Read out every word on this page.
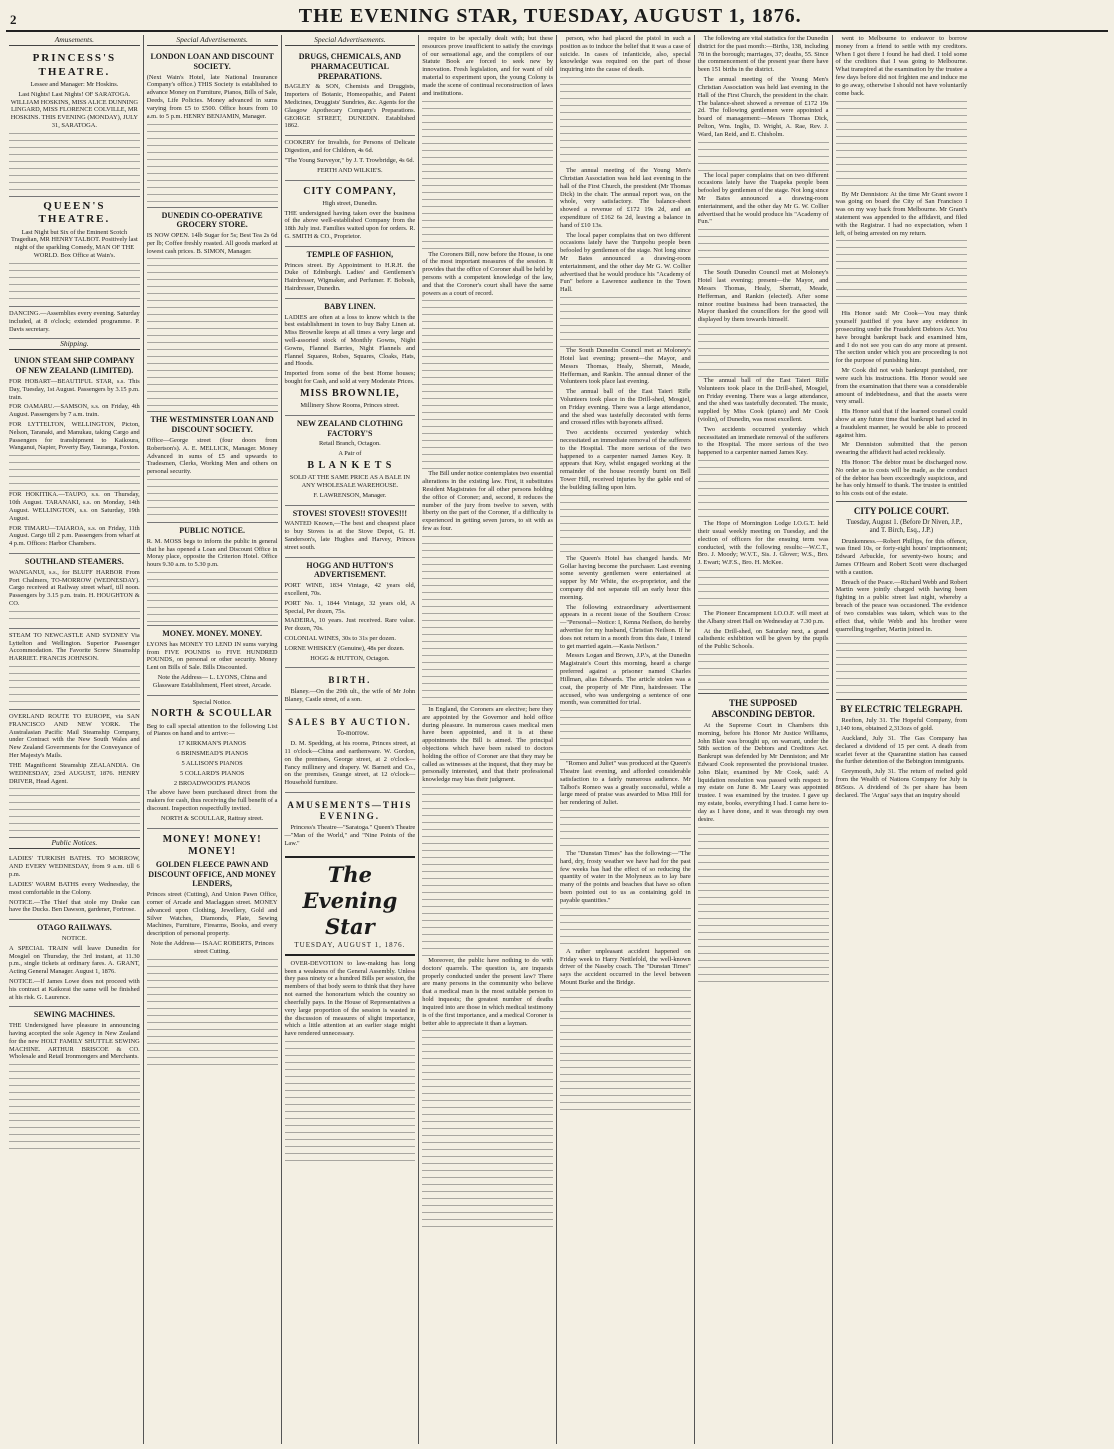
2	THE EVENING STAR, TUESDAY, AUGUST 1, 1876.
Amusements.
PRINCESS'S THEATRE.

Lessee and Manager: Mr Hoskins.

Last Nights! Last Nights! OF SARATOGA. WILLIAM HOSKINS, MISS ALICE DUNNING LINGARD, MISS FLORENCE COLVILLE, MR HOSKINS. THIS EVENING (MONDAY), JULY 31, SARATOGA.

QUEEN'S THEATRE.

Last Night but Six of the Eminent Scotch Tragedian, MR HENRY TALBOT. Positively last night of the sparkling Comedy, MAN OF THE WORLD. Box Office at Wain's.

DANCING.—Assemblies every evening. Saturday included, at 8 o'clock; extended programme. P. Davis secretary.

Shipping.
UNION STEAM SHIP COMPANY OF NEW ZEALAND (LIMITED).

FOR HOBART—BEAUTIFUL STAR, s.s. This Day, Tuesday, 1st August. Passengers by 3.15 p.m. train.

FOR OAMARU.—SAMSON, s.s. on Friday, 4th August. Passengers by 7 a.m. train.

FOR LYTTELTON, WELLINGTON, Picton, Nelson, Taranaki, and Manukau, taking Cargo and Passengers for transhipment to Kaikoura, Wanganui, Napier, Poverty Bay, Tauranga, Foxton.

FOR HOKITIKA.—TAUPO, s.s. on Thursday, 10th August. TARANAKI, s.s. on Monday, 14th August. WELLINGTON, s.s. on Saturday, 19th August.

FOR TIMARU—TAIAROA, s.s. on Friday, 11th August. Cargo till 2 p.m. Passengers from wharf at 4 p.m. Offices: Harbor Chambers.

SOUTHLAND STEAMERS.

WANGANUI, s.s., for BLUFF HARBOR From Port Chalmers, TO-MORROW (WEDNESDAY). Cargo received at Railway street wharf, till noon. Passengers by 3.15 p.m. train. H. HOUGHTON & CO.

STEAM TO NEWCASTLE AND SYDNEY Via Lyttelton and Wellington. Superior Passenger Accommodation. The Favorite Screw Steamship HARRIET. FRANCIS JOHNSON.

OVERLAND ROUTE TO EUROPE, via SAN FRANCISCO AND NEW YORK. The Australasian Pacific Mail Steamship Company, under Contract with the New South Wales and New Zealand Governments for the Conveyance of Her Majesty's Mails.

THE Magnificent Steamship ZEALANDIA. On WEDNESDAY, 23rd AUGUST, 1876. HENRY DRIVER, Head Agent.

Public Notices.

LADIES' TURKISH BATHS. TO MORROW, AND EVERY WEDNESDAY, from 9 a.m. till 6 p.m.

LADIES' WARM BATHS every Wednesday, the most comfortable in the Colony.

NOTICE.—The Thief that stole my Drake can have the Ducks. Ben Dawson, gardener, Fortrose.

OTAGO RAILWAYS.

NOTICE.

A SPECIAL TRAIN will leave Dunedin for Mosgiel on Thursday, the 3rd instant, at 11.30 p.m., single tickets at ordinary fares. A. GRANT, Acting General Manager. August 1, 1876.

NOTICE.—If James Lowe does not proceed with his contract at Kaikorai the same will be finished at his risk. G. Laurence.

SEWING MACHINES.

THE Undersigned have pleasure in announcing having accepted the sole Agency in New Zealand for the new HOLT FAMILY SHUTTLE SEWING MACHINE. ARTHUR BRISCOE & CO. Wholesale and Retail Ironmongers and Merchants.

Special Advertisements.
LONDON LOAN AND DISCOUNT SOCIETY.

(Next Wain's Hotel, late National Insurance Company's office.) THIS Society is established to advance Money on Furniture, Pianos, Bills of Sale, Deeds, Life Policies. Money advanced in sums varying from £5 to £500. Office hours from 10 a.m. to 5 p.m. HENRY BENJAMIN, Manager.

DUNEDIN CO-OPERATIVE GROCERY STORE.

IS NOW OPEN. 14lb Sugar for 5s; Best Tea 2s 6d per lb; Coffee freshly roasted. All goods marked at lowest cash prices. B. SIMON, Manager.

THE WESTMINSTER LOAN AND DISCOUNT SOCIETY.

Office—George street (four doors from Robertson's). A. E. MELLICK, Manager. Money Advanced in sums of £5 and upwards to Tradesmen, Clerks, Working Men and others on personal security.

PUBLIC NOTICE.

R. M. MOSS begs to inform the public in general that he has opened a Loan and Discount Office in Moray place, opposite the Criterion Hotel. Office hours 9.30 a.m. to 5.30 p.m.

MONEY. MONEY. MONEY.

LYONS has MONEY TO LEND IN sums varying from FIVE POUNDS to FIVE HUNDRED POUNDS, on personal or other security. Money Lent on Bills of Sale. Bills Discounted.

Note the Address— L. LYONS, China and Glassware Establishment, Fleet street, Arcade.

Special Notice.

NORTH & SCOULLAR

Beg to call special attention to the following List of Pianos on hand and to arrive:—

17 KIRKMAN'S PIANOS

6 BRINSMEAD'S PIANOS

5 ALLISON'S PIANOS

5 COLLARD'S PIANOS

2 BROADWOOD'S PIANOS

The above have been purchased direct from the makers for cash, thus receiving the full benefit of a discount. Inspection respectfully invited.

NORTH & SCOULLAR, Rattray street.

MONEY! MONEY! MONEY!
GOLDEN FLEECE PAWN AND DISCOUNT OFFICE, AND MONEY LENDERS,

Princes street (Cutting), And Union Pawn Office, corner of Arcade and Maclaggan street. MONEY advanced upon Clothing, Jewellery, Gold and Silver Watches, Diamonds, Plate, Sewing Machines, Furniture, Firearms, Books, and every description of personal property.

Note the Address— ISAAC ROBERTS, Princes street Cutting.

Special Advertisements.
DRUGS, CHEMICALS, AND PHARMACEUTICAL PREPARATIONS.

BAGLEY & SON, Chemists and Druggists, Importers of Botanic, Homeopathic, and Patent Medicines, Druggists' Sundries, &c. Agents for the Glasgow Apothecary Company's Preparations. GEORGE STREET, DUNEDIN. Established 1862.

COOKERY for Invalids, for Persons of Delicate Digestion, and for Children, 4s 6d.

"The Young Surveyor," by J. T. Trowbridge, 4s 6d.

FERTH AND WILKIE'S.

CITY COMPANY,

High street, Dunedin.

THE undersigned having taken over the business of the above well-established Company from the 18th July inst. Families waited upon for orders. R. G. SMITH & CO., Proprietor.

TEMPLE OF FASHION,

Princes street. By Appointment to H.R.H. the Duke of Edinburgh. Ladies' and Gentlemen's Hairdresser, Wigmaker, and Perfumer. F. Bobosh, Hairdresser, Dunedin.

BABY LINEN.

LADIES are often at a loss to know which is the best establishment in town to buy Baby Linen at. Miss Brownlie keeps at all times a very large and well-assorted stock of Monthly Gowns, Night Gowns, Flannel Barries, Night Flannels and Flannel Squares, Robes, Squares, Cloaks, Hats, and Hoods.

Imported from some of the best Home houses; bought for Cash, and sold at very Moderate Prices.

MISS BROWNLIE,

Millinery Show Rooms, Princes street.

NEW ZEALAND CLOTHING FACTORY'S

Retail Branch, Octagon.

A Pair of

B L A N K E T S

SOLD AT THE SAME PRICE AS A BALE IN ANY WHOLESALE WAREHOUSE.

F. LAWRENSON, Manager.

STOVES! STOVES!! STOVES!!!

WANTED Known,—The best and cheapest place to buy Stoves is at the Stove Depot, G. H. Sanderson's, late Hughes and Harvey, Princes street south.

HOGG AND HUTTON'S ADVERTISEMENT.

PORT WINE, 1834 Vintage, 42 years old, excellent, 70s.

PORT No. 1, 1844 Vintage, 32 years old, A Special, Per dozen, 75s.

MADEIRA, 10 years. Just received. Rare value. Per dozen, 70s.

COLONIAL WINES, 30s to 31s per dozen.

LORNE WHISKEY (Genuine), 48s per dozen.

HOGG & HUTTON, Octagon.

BIRTH.

Blaney.—On the 29th ult., the wife of Mr John Blaney, Castle street, of a son.

SALES BY AUCTION.

To-morrow.

D. M. Spedding, at his rooms, Princes street, at 11 o'clock—China and earthenware. W. Gordon, on the premises, George street, at 2 o'clock—Fancy millinery and drapery. W. Barnett and Co., on the premises, Grange street, at 12 o'clock—Household furniture.

AMUSEMENTS—THIS EVENING.

Princess's Theatre—"Saratoga." Queen's Theatre—"Man of the World," and "Nine Points of the Law."

The Evening Star
TUESDAY, AUGUST 1, 1876.

OVER-DEVOTION to law-making has long been a weakness of the General Assembly. Unless they pass ninety or a hundred Bills per session, the members of that body seem to think that they have not earned the honorarium which the country so cheerfully pays. In the House of Representatives a very large proportion of the session is wasted in the discussion of measures of slight importance, which a little attention at an earlier stage might have rendered unnecessary.

require to be specially dealt with; but these resources prove insufficient to satisfy the cravings of our sensational age, and the compilers of our Statute Book are forced to seek new by innovation. Fresh legislation, and for want of old material to experiment upon, the young Colony is made the scene of continual reconstruction of laws and institutions.

The Coroners Bill, now before the House, is one of the most important measures of the session. It provides that the office of Coroner shall be held by persons with a competent knowledge of the law, and that the Coroner's court shall have the same powers as a court of record.

The Bill under notice contemplates two essential alterations in the existing law. First, it substitutes Resident Magistrates for all other persons holding the office of Coroner; and, second, it reduces the number of the jury from twelve to seven, with liberty on the part of the Coroner, if a difficulty is experienced in getting seven jurors, to sit with as few as four.

In England, the Coroners are elective; here they are appointed by the Governor and hold office during pleasure. In numerous cases medical men have been appointed, and it is at these appointments the Bill is aimed. The principal objections which have been raised to doctors holding the office of Coroner are that they may be called as witnesses at the inquest, that they may be personally interested, and that their professional knowledge may bias their judgment.

Moreover, the public have nothing to do with doctors' quarrels. The question is, are inquests properly conducted under the present law? There are many persons in the community who believe that a medical man is the most suitable person to hold inquests; the greatest number of deaths inquired into are those in which medical testimony is of the first importance, and a medical Coroner is better able to appreciate it than a layman.

person, who had placed the pistol in such a position as to induce the belief that it was a case of suicide. In cases of infanticide, also, special knowledge was required on the part of those inquiring into the cause of death.

The annual meeting of the Young Men's Christian Association was held last evening in the hall of the First Church, the president (Mr Thomas Dick) in the chair. The annual report was, on the whole, very satisfactory. The balance-sheet showed a revenue of £172 19s 2d, and an expenditure of £162 6s 2d, leaving a balance in hand of £10 13s.

The local paper complains that on two different occasions lately have the Tunpohu people been befooled by gentlemen of the stage. Not long since Mr Bates announced a drawing-room entertainment, and the other day Mr G. W. Collier advertised that he would produce his "Academy of Fun" before a Lawrence audience in the Town Hall.

The South Dunedin Council met at Moloney's Hotel last evening; present—the Mayor, and Messrs Thomas, Healy, Sherratt, Meade, Hefferman, and Rankin. The annual dinner of the Volunteers took place last evening.

The annual ball of the East Taieri Rifle Volunteers took place in the Drill-shed, Mosgiel, on Friday evening. There was a large attendance, and the shed was tastefully decorated with ferns and crossed rifles with bayonets affixed.

Two accidents occurred yesterday which necessitated an immediate removal of the sufferers to the Hospital. The more serious of the two happened to a carpenter named James Key. It appears that Key, whilst engaged working at the remainder of the house recently burnt on Bell Tower Hill, received injuries by the gable end of the building falling upon him.

The Queen's Hotel has changed hands. Mr Gollar having become the purchaser. Last evening some seventy gentlemen were entertained at supper by Mr White, the ex-proprietor, and the company did not separate till an early hour this morning.

The following extraordinary advertisement appears in a recent issue of the Southern Cross:—"Personal—Notice: I, Kenna Neilson, do hereby advertise for my husband, Christian Neilson. If he does not return in a month from this date, I intend to get married again.—Kasia Neilson."

Messrs Logan and Brown, J.P.'s, at the Dunedin Magistrate's Court this morning, heard a charge preferred against a prisoner named Charles Hillman, alias Edwards. The article stolen was a coat, the property of Mr Finn, hairdresser. The accused, who was undergoing a sentence of one month, was committed for trial.

"Romeo and Juliet" was produced at the Queen's Theatre last evening, and afforded considerable satisfaction to a fairly numerous audience. Mr Talbot's Romeo was a greatly successful, while a large meed of praise was awarded to Miss Hill for her rendering of Juliet.

The "Dunstan Times" has the following:—"The hard, dry, frosty weather we have had for the past few weeks has had the effect of so reducing the quantity of water in the Molyneux as to lay bare many of the points and beaches that have so often been pointed out to us as containing gold in payable quantities."

A rather unpleasant accident happened on Friday week to Harry Nettlefold, the well-known driver of the Naseby coach. The "Dunstan Times" says the accident occurred in the level between Mount Burke and the Bridge.

The following are vital statistics for the Dunedin district for the past month:—Births, 138, including 78 in the borough; marriages, 37; deaths, 55. Since the commencement of the present year there have been 151 births in the district.

The annual meeting of the Young Men's Christian Association was held last evening in the Hall of the First Church, the president in the chair. The balance-sheet showed a revenue of £172 19s 2d. The following gentlemen were appointed a board of management:—Messrs Thomas Dick, Pelton, Wm. Inglis, D. Wright, A. Rae, Rev. J. Ward, Ian Reid, and E. Chisholm.

The local paper complains that on two different occasions lately have the Tuapeka people been befooled by gentlemen of the stage. Not long since Mr Bates announced a drawing-room entertainment, and the other day Mr G. W. Collier advertised that he would produce his "Academy of Fun."

The South Dunedin Council met at Moloney's Hotel last evening; present—the Mayor, and Messrs Thomas, Healy, Sherratt, Meade, Hefferman, and Rankin (elected). After some minor routine business had been transacted, the Mayor thanked the councillors for the good will displayed by them towards himself.

The annual ball of the East Taieri Rifle Volunteers took place in the Drill-shed, Mosgiel, on Friday evening. There was a large attendance, and the shed was tastefully decorated. The music, supplied by Miss Cook (piano) and Mr Cook (violin), of Dunedin, was most excellent.

Two accidents occurred yesterday which necessitated an immediate removal of the sufferers to the Hospital. The more serious of the two happened to a carpenter named James Key.

The Hope of Mornington Lodge I.O.G.T. held their usual weekly meeting on Tuesday, and the election of officers for the ensuing term was conducted, with the following results:—W.C.T., Bro. J. Moody; W.V.T., Sis. J. Glover; W.S., Bro. J. Ewart; W.F.S., Bro. H. McKee.

The Pioneer Encampment I.O.O.F. will meet at the Albany street Hall on Wednesday at 7.30 p.m.

At the Drill-shed, on Saturday next, a grand calisthenic exhibition will be given by the pupils of the Public Schools.

THE SUPPOSED ABSCONDING DEBTOR.

At the Supreme Court in Chambers this morning, before his Honor Mr Justice Williams, John Blair was brought up, on warrant, under the 58th section of the Debtors and Creditors Act. Bankrupt was defended by Mr Denniston; and Mr Edward Cook represented the provisional trustee. John Blair, examined by Mr Cook, said: A liquidation resolution was passed with respect to my estate on June 8. Mr Leary was appointed trustee. I was examined by the trustee. I gave up my estate, books, everything I had. I came here to-day as I have done, and it was through my own desire.

went to Melbourne to endeavor to borrow money from a friend to settle with my creditors. When I got there I found he had died. I told some of the creditors that I was going to Melbourne. What transpired at the examination by the trustee a few days before did not frighten me and induce me to go away, otherwise I should not have voluntarily come back.

By Mr Denniston: At the time Mr Grant swore I was going on board the City of San Francisco I was on my way back from Melbourne. Mr Grant's statement was appended to the affidavit, and filed with the Registrar. I had no expectation, when I left, of being arrested on my return.

His Honor said: Mr Cook—You may think yourself justified if you have any evidence in prosecuting under the Fraudulent Debtors Act. You have brought bankrupt back and examined him, and I do not see you can do any more at present. The section under which you are proceeding is not for the purpose of punishing him.

Mr Cook did not wish bankrupt punished, nor were such his instructions. His Honor would see from the examination that there was a considerable amount of indebtedness, and that the assets were very small.

His Honor said that if the learned counsel could show at any future time that bankrupt had acted in a fraudulent manner, he would be able to proceed against him.

Mr Denniston submitted that the person swearing the affidavit had acted recklessly.

His Honor: The debtor must be discharged now. No order as to costs will be made, as the conduct of the debtor has been exceedingly suspicious, and he has only himself to thank. The trustee is entitled to his costs out of the estate.

CITY POLICE COURT.

Tuesday, August 1. (Before Dr Niven, J.P., and T. Birch, Esq., J.P.)

Drunkenness.—Robert Phillips, for this offence, was fined 10s, or forty-eight hours' imprisonment; Edward Arbuckle, for seventy-two hours; and James O'Hearn and Robert Scott were discharged with a caution.

Breach of the Peace.—Richard Webb and Robert Martin were jointly charged with having been fighting in a public street last night, whereby a breach of the peace was occasioned. The evidence of two constables was taken, which was to the effect that, while Webb and his brother were quarrelling together, Martin joined in.

BY ELECTRIC TELEGRAPH.

Reefton, July 31. The Hopeful Company, from 1,140 tons, obtained 2,313ozs of gold.

Auckland, July 31. The Gas Company has declared a dividend of 15 per cent. A death from scarlet fever at the Quarantine station has caused the further detention of the Bebington immigrants.

Greymouth, July 31. The return of melted gold from the Wealth of Nations Company for July is 865ozs. A dividend of 3s per share has been declared. The 'Argus' says that an inquiry should
